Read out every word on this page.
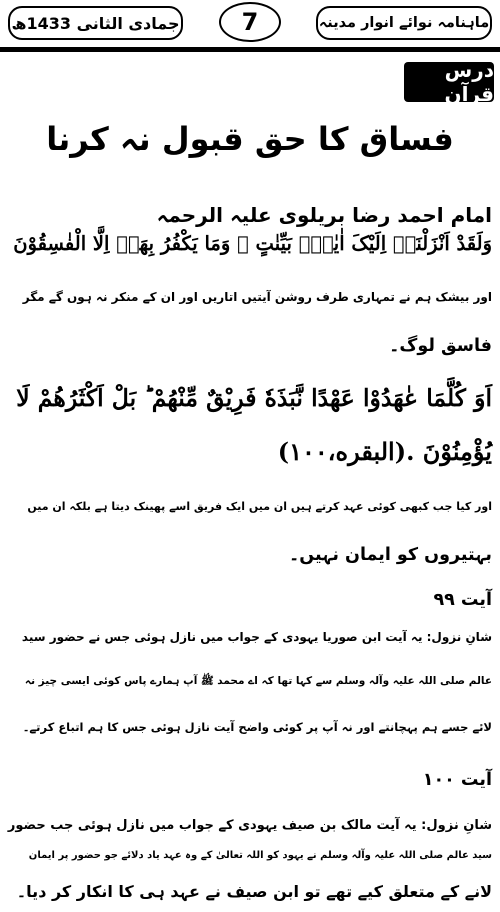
جمادی الثانی 1433ھ	7	ماہنامہ نوائے انوار مدینہ
درس قرآن
فساق کا حق قبول نہ کرنا
امام احمد رضا بریلوی علیہ الرحمہ
وَلَقَدْ اَنْزَلْنَاۤ اِلَیْکَ اٰیٰتٍۭ بَیِّنٰتٍ ۚ وَمَا یَکْفُرُ بِهَاۤ اِلَّا الْفٰسِقُوْنَ
اور بیشک ہم نے تمہاری طرف روشن آیتیں اتاریں اور ان کے منکر نہ ہوں گے مگر
فاسق لوگ۔
اَوَ کُلَّمَا عٰهَدُوْا عَهْدًا نَّبَذَهٗ فَرِیْقٌ مِّنْهُمْ ؕ بَلْ اَکْثَرُهُمْ لَا
یُؤْمِنُوْنَ .(البقره،١٠٠)
اور کیا جب کبھی کوئی عہد کرتے ہیں ان میں ایک فریق اسے پھینک دیتا ہے بلکہ ان میں
بہتیروں کو ایمان نہیں۔
آیت ٩٩
شانِ نزول: یہ آیت ابن صوریا یہودی کے جواب میں نازل ہوئی جس نے حضور سید
عالم صلی اللہ علیہ وآلہ وسلم سے کہا تھا کہ اے محمد ﷺ آپ ہمارے پاس کوئی ایسی چیز نہ
لائے جسے ہم پہچانتے اور نہ آپ پر کوئی واضح آیت نازل ہوئی جس کا ہم اتباع کرتے۔
آیت ١٠٠
شانِ نزول: یہ آیت مالک بن صیف یہودی کے جواب میں نازل ہوئی جب حضور
سید عالم صلی اللہ علیہ وآلہ وسلم نے یہود کو اللہ تعالیٰ کے وہ عہد یاد دلائے جو حضور پر ایمان
لانے کے متعلق کیے تھے تو ابن صیف نے عہد ہی کا انکار کر دیا۔
